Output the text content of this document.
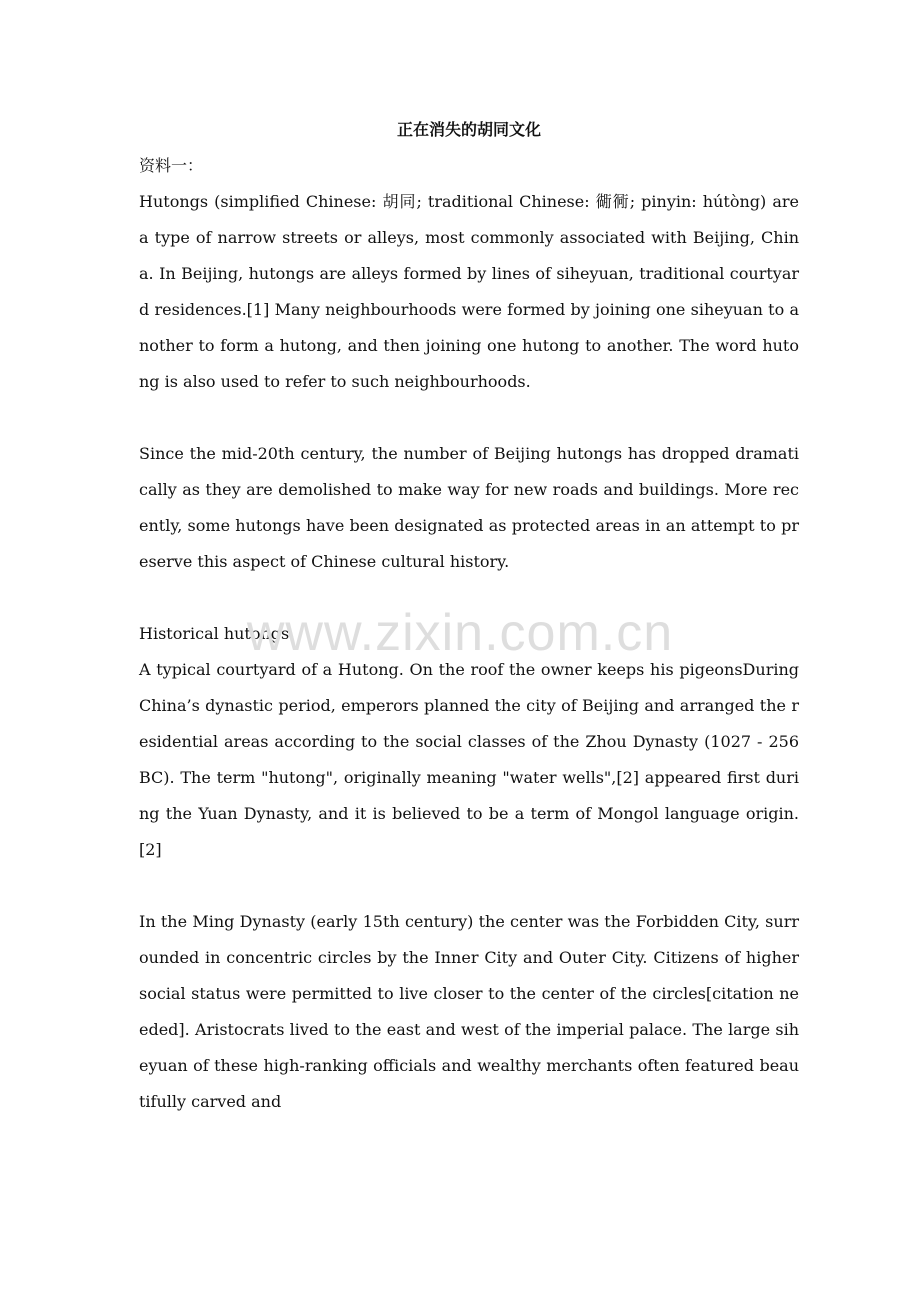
正在消失的胡同文化

资料一：

Hutongs (simplified Chinese: 胡同; traditional Chinese: 衚衕; pinyin: hútòng) are a type of narrow streets or alleys, most commonly associated with Beijing, China. In Beijing, hutongs are alleys formed by lines of siheyuan, traditional courtyard residences.[1] Many neighbourhoods were formed by joining one siheyuan to another to form a hutong, and then joining one hutong to another. The word hutong is also used to refer to such neighbourhoods.

Since the mid-20th century, the number of Beijing hutongs has dropped dramatically as they are demolished to make way for new roads and buildings. More recently, some hutongs have been designated as protected areas in an attempt to preserve this aspect of Chinese cultural history.

Historical hutongs

A typical courtyard of a Hutong. On the roof the owner keeps his pigeonsDuring China’s dynastic period, emperors planned the city of Beijing and arranged the residential areas according to the social classes of the Zhou Dynasty (1027 - 256 BC). The term "hutong", originally meaning "water wells",[2] appeared first during the Yuan Dynasty, and it is believed to be a term of Mongol language origin.[2]

In the Ming Dynasty (early 15th century) the center was the Forbidden City, surrounded in concentric circles by the Inner City and Outer City. Citizens of higher social status were permitted to live closer to the center of the circles[citation needed]. Aristocrats lived to the east and west of the imperial palace. The large siheyuan of these high-ranking officials and wealthy merchants often featured beautifully carved and

www.zixin.com.cn
